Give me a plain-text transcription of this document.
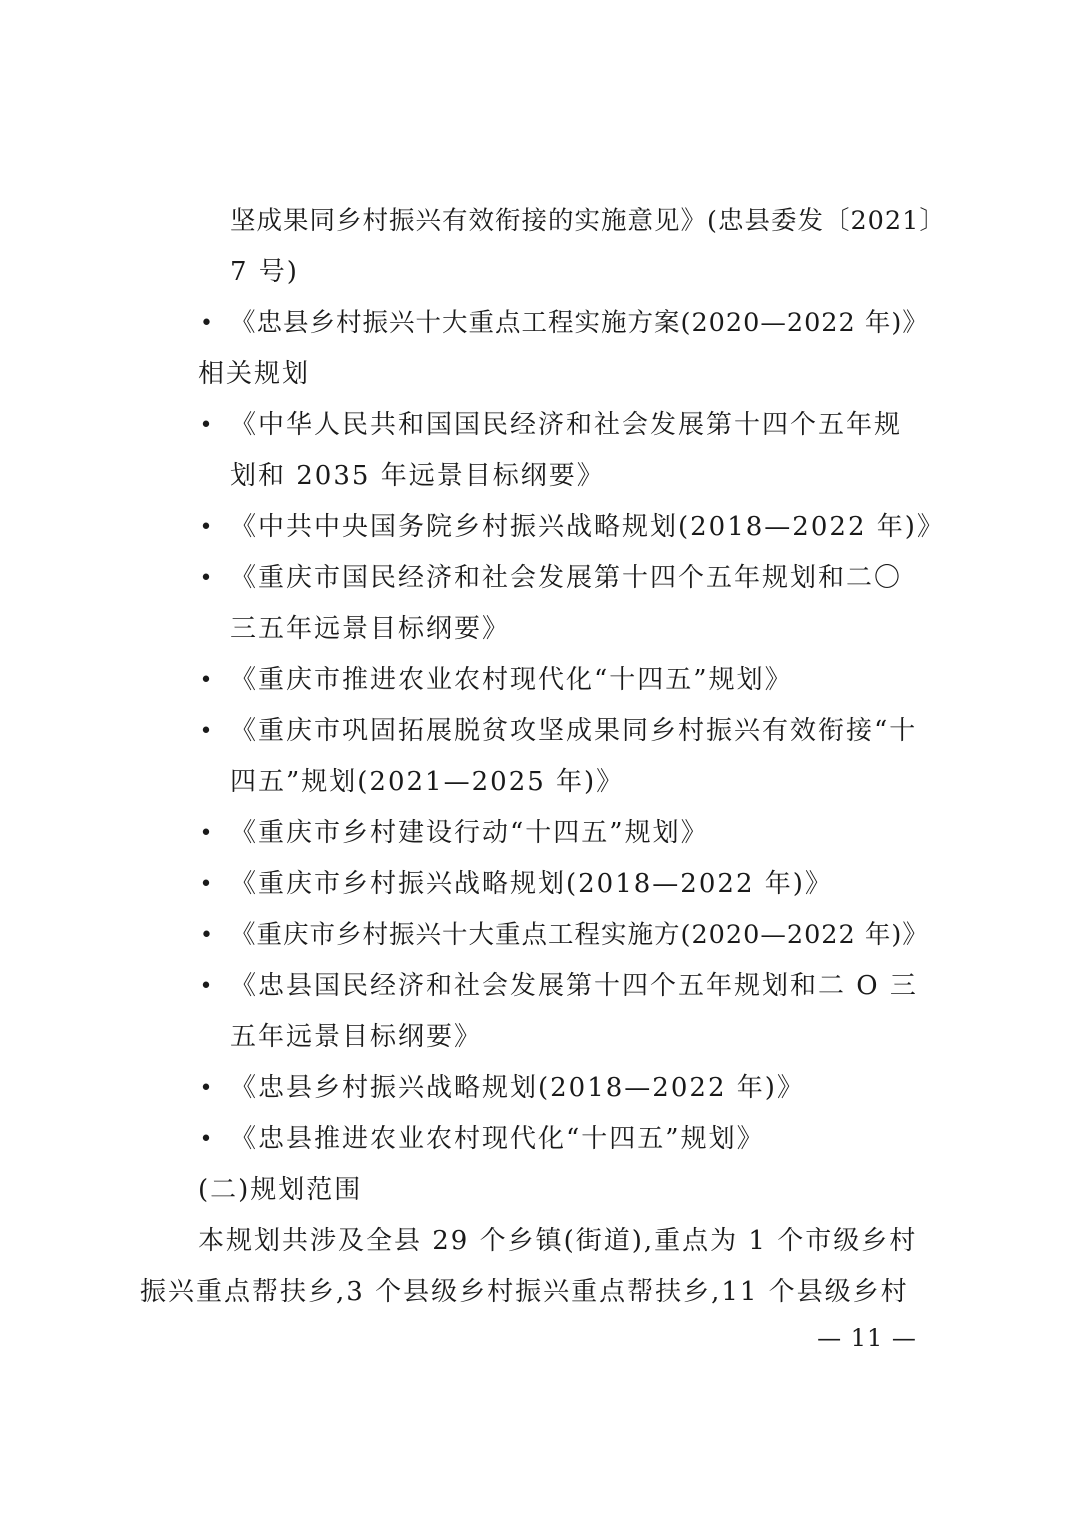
坚成果同乡村振兴有效衔接的实施意见》(忠县委发〔2021〕
7 号)
• 《忠县乡村振兴十大重点工程实施方案(2020—2022 年)》
相关规划
• 《中华人民共和国国民经济和社会发展第十四个五年规
划和 2035 年远景目标纲要》
• 《中共中央国务院乡村振兴战略规划(2018—2022 年)》
• 《重庆市国民经济和社会发展第十四个五年规划和二〇
三五年远景目标纲要》
• 《重庆市推进农业农村现代化“十四五”规划》
• 《重庆市巩固拓展脱贫攻坚成果同乡村振兴有效衔接“十
四五”规划(2021—2025 年)》
• 《重庆市乡村建设行动“十四五”规划》
• 《重庆市乡村振兴战略规划(2018—2022 年)》
• 《重庆市乡村振兴十大重点工程实施方(2020—2022 年)》
• 《忠县国民经济和社会发展第十四个五年规划和二 O 三
五年远景目标纲要》
• 《忠县乡村振兴战略规划(2018—2022 年)》
• 《忠县推进农业农村现代化“十四五”规划》
(二)规划范围
本规划共涉及全县 29 个乡镇(街道),重点为 1 个市级乡村
振兴重点帮扶乡,3 个县级乡村振兴重点帮扶乡,11 个县级乡村
— 11 —
